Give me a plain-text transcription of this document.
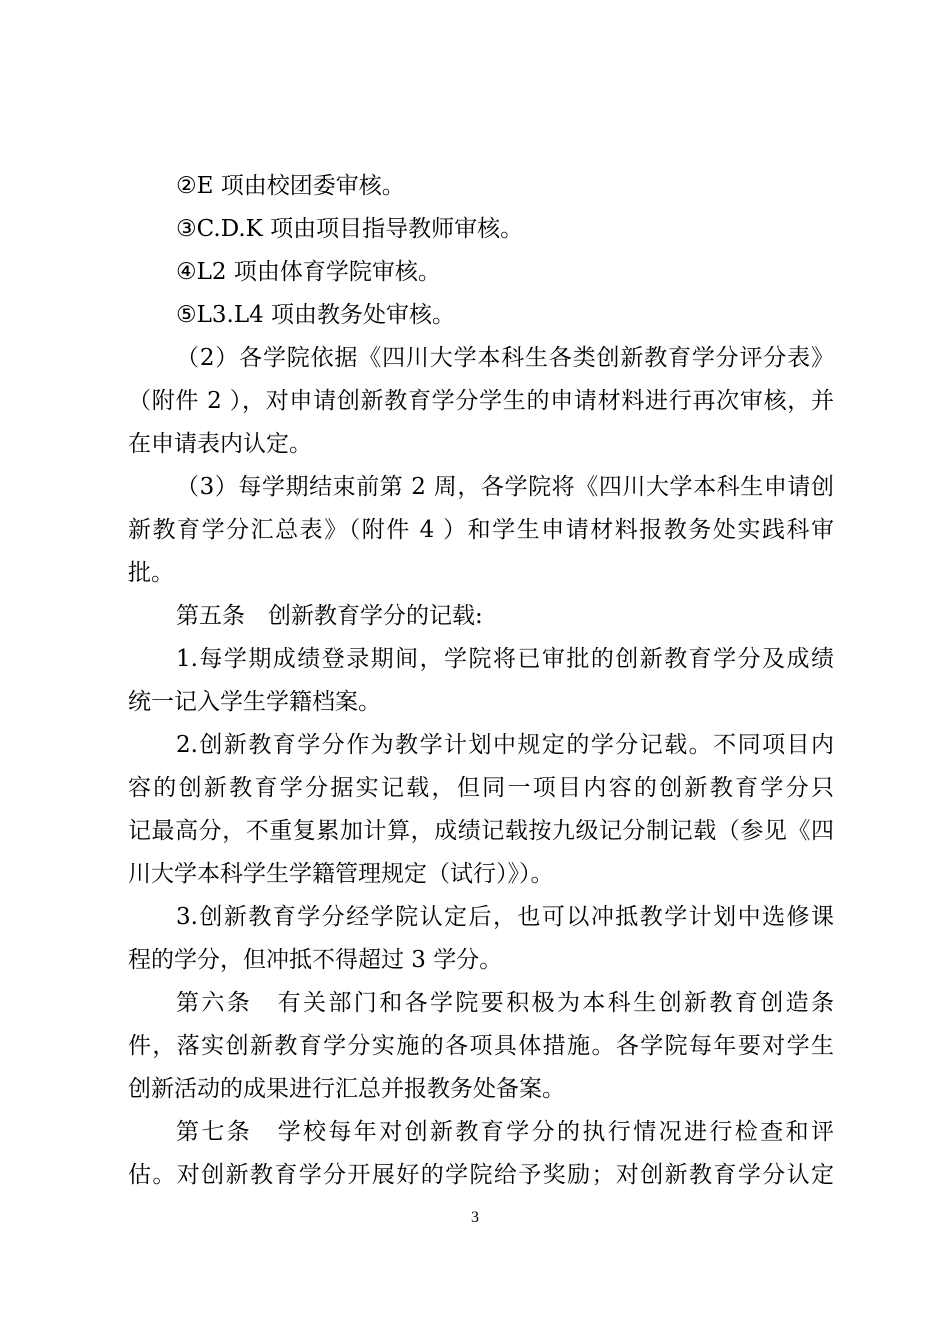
②E 项由校团委审核。
③C.D.K 项由项目指导教师审核。
④L2 项由体育学院审核。
⑤L3.L4 项由教务处审核。
（2）各学院依据《四川大学本科生各类创新教育学分评分表》
（附件 2 ），对申请创新教育学分学生的申请材料进行再次审核，并
在申请表内认定。
（3）每学期结束前第 2 周，各学院将《四川大学本科生申请创
新教育学分汇总表》（附件 4 ）和学生申请材料报教务处实践科审
批。
第五条　创新教育学分的记载:
1.每学期成绩登录期间，学院将已审批的创新教育学分及成绩
统一记入学生学籍档案。
2.创新教育学分作为教学计划中规定的学分记载。不同项目内
容的创新教育学分据实记载，但同一项目内容的创新教育学分只
记最高分，不重复累加计算，成绩记载按九级记分制记载（参见《四
川大学本科学生学籍管理规定（试行）》）。
3.创新教育学分经学院认定后，也可以冲抵教学计划中选修课
程的学分，但冲抵不得超过 3 学分。
第六条　有关部门和各学院要积极为本科生创新教育创造条
件，落实创新教育学分实施的各项具体措施。各学院每年要对学生
创新活动的成果进行汇总并报教务处备案。
第七条　学校每年对创新教育学分的执行情况进行检查和评
估。对创新教育学分开展好的学院给予奖励；对创新教育学分认定
3
